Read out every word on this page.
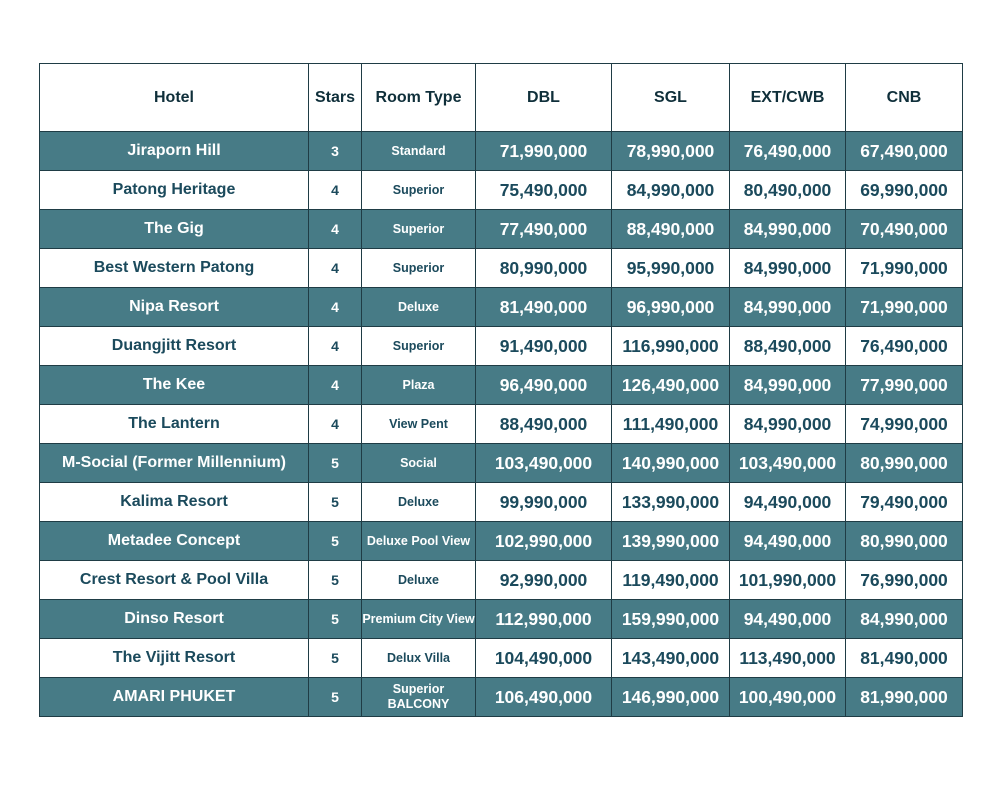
Hotel	Stars	Room Type	DBL	SGL	EXT/CWB	CNB
Jiraporn Hill	3	Standard	71,990,000	78,990,000	76,490,000	67,490,000
Patong Heritage	4	Superior	75,490,000	84,990,000	80,490,000	69,990,000
The Gig	4	Superior	77,490,000	88,490,000	84,990,000	70,490,000
Best Western Patong	4	Superior	80,990,000	95,990,000	84,990,000	71,990,000
Nipa Resort	4	Deluxe	81,490,000	96,990,000	84,990,000	71,990,000
Duangjitt Resort	4	Superior	91,490,000	116,990,000	88,490,000	76,490,000
The Kee	4	Plaza	96,490,000	126,490,000	84,990,000	77,990,000
The Lantern	4	View Pent	88,490,000	111,490,000	84,990,000	74,990,000
M-Social (Former Millennium)	5	Social	103,490,000	140,990,000	103,490,000	80,990,000
Kalima Resort	5	Deluxe	99,990,000	133,990,000	94,490,000	79,490,000
Metadee Concept	5	Deluxe Pool View	102,990,000	139,990,000	94,490,000	80,990,000
Crest Resort & Pool Villa	5	Deluxe	92,990,000	119,490,000	101,990,000	76,990,000
Dinso Resort	5	Premium City View	112,990,000	159,990,000	94,490,000	84,990,000
The Vijitt Resort	5	Delux Villa	104,490,000	143,490,000	113,490,000	81,490,000
AMARI PHUKET	5	Superior BALCONY	106,490,000	146,990,000	100,490,000	81,990,000
